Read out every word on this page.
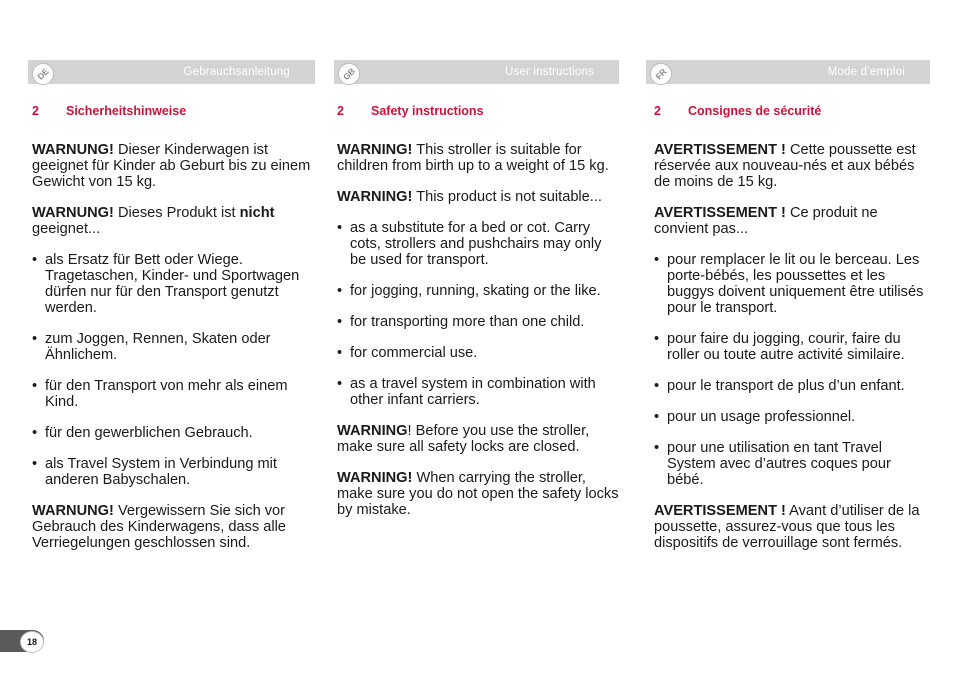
DE	Gebrauchsanleitung
2 Sicherheitshinweise

WARNUNG! Dieser Kinderwagen ist geeignet für Kinder ab Geburt bis zu einem Gewicht von 15 kg.

WARNUNG! Dieses Produkt ist nicht geeignet...

• als Ersatz für Bett oder Wiege. Tragetaschen, Kinder- und Sportwagen dürfen nur für den Transport genutzt werden.
• zum Joggen, Rennen, Skaten oder Ähnlichem.
• für den Transport von mehr als einem Kind.
• für den gewerblichen Gebrauch.
• als Travel System in Verbindung mit anderen Babyschalen.

WARNUNG! Vergewissern Sie sich vor Gebrauch des Kinderwagens, dass alle Verriegelungen geschlossen sind.

GB	User instructions
2 Safety instructions

WARNING! This stroller is suitable for children from birth up to a weight of 15 kg.

WARNING! This product is not suitable...

• as a substitute for a bed or cot. Carry cots, strollers and pushchairs may only be used for transport.
• for jogging, running, skating or the like.
• for transporting more than one child.
• for commercial use.
• as a travel system in combination with other infant carriers.

WARNING! Before you use the stroller, make sure all safety locks are closed.

WARNING! When carrying the stroller, make sure you do not open the safety locks by mistake.

FR	Mode d’emploi
2 Consignes de sécurité

AVERTISSEMENT ! Cette poussette est réservée aux nouveau-nés et aux bébés de moins de 15 kg.

AVERTISSEMENT ! Ce produit ne convient pas...

• pour remplacer le lit ou le berceau. Les porte-bébés, les poussettes et les buggys doivent uniquement être utilisés pour le transport.
• pour faire du jogging, courir, faire du roller ou toute autre activité similaire.
• pour le transport de plus d’un enfant.
• pour un usage professionnel.
• pour une utilisation en tant Travel System avec d’autres coques pour bébé.

AVERTISSEMENT ! Avant d’utiliser de la poussette, assurez-vous que tous les dispositifs de verrouillage sont fermés.

18
